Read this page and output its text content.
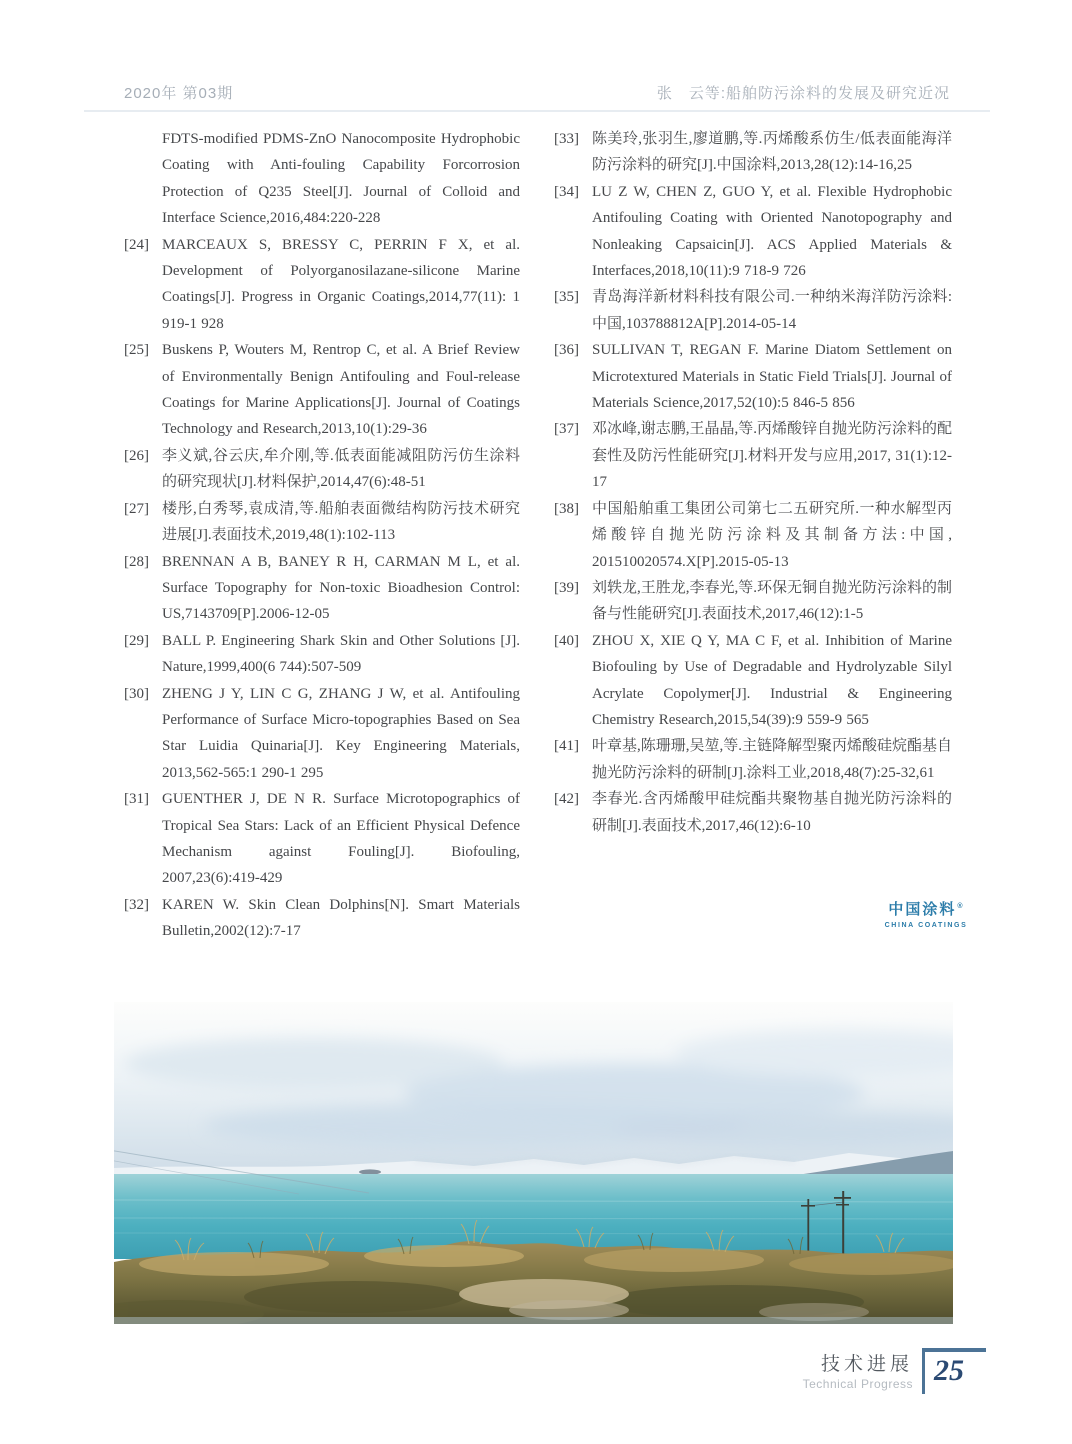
2020年 第03期	张　云等:船舶防污涂料的发展及研究近况
FDTS-modified PDMS-ZnO Nanocomposite Hydrophobic Coating with Anti-fouling Capability Forcorrosion Protection of Q235 Steel[J]. Journal of Colloid and Interface Science,2016,484:220-228
[24] MARCEAUX S, BRESSY C, PERRIN F X, et al. Development of Polyorganosilazane-silicone Marine Coatings[J]. Progress in Organic Coatings,2014,77(11): 1 919-1 928
[25] Buskens P, Wouters M, Rentrop C, et al. A Brief Review of Environmentally Benign Antifouling and Foul-release Coatings for Marine Applications[J]. Journal of Coatings Technology and Research,2013,10(1):29-36
[26] 李义斌,谷云庆,牟介刚,等.低表面能减阻防污仿生涂料的研究现状[J].材料保护,2014,47(6):48-51
[27] 楼彤,白秀琴,袁成清,等.船舶表面微结构防污技术研究进展[J].表面技术,2019,48(1):102-113
[28] BRENNAN A B, BANEY R H, CARMAN M L, et al. Surface Topography for Non-toxic Bioadhesion Control: US,7143709[P].2006-12-05
[29] BALL P. Engineering Shark Skin and Other Solutions [J]. Nature,1999,400(6 744):507-509
[30] ZHENG J Y, LIN C G, ZHANG J W, et al. Antifouling Performance of Surface Micro-topographies Based on Sea Star Luidia Quinaria[J]. Key Engineering Materials, 2013,562-565:1 290-1 295
[31] GUENTHER J, DE N R. Surface Microtopographics of Tropical Sea Stars: Lack of an Efficient Physical Defence Mechanism against Fouling[J]. Biofouling, 2007,23(6):419-429
[32] KAREN W. Skin Clean Dolphins[N]. Smart Materials Bulletin,2002(12):7-17
[33] 陈美玲,张羽生,廖道鹏,等.丙烯酸系仿生/低表面能海洋防污涂料的研究[J].中国涂料,2013,28(12):14-16,25
[34] LU Z W, CHEN Z, GUO Y, et al. Flexible Hydrophobic Antifouling Coating with Oriented Nanotopography and Nonleaking Capsaicin[J]. ACS Applied Materials & Interfaces,2018,10(11):9 718-9 726
[35] 青岛海洋新材料科技有限公司.一种纳米海洋防污涂料:中国,103788812A[P].2014-05-14
[36] SULLIVAN T, REGAN F. Marine Diatom Settlement on Microtextured Materials in Static Field Trials[J]. Journal of Materials Science,2017,52(10):5 846-5 856
[37] 邓冰峰,谢志鹏,王晶晶,等.丙烯酸锌自抛光防污涂料的配套性及防污性能研究[J].材料开发与应用,2017, 31(1):12-17
[38] 中国船舶重工集团公司第七二五研究所.一种水解型丙烯酸锌自抛光防污涂料及其制备方法:中国, 201510020574.X[P].2015-05-13
[39] 刘轶龙,王胜龙,李春光,等.环保无铜自抛光防污涂料的制备与性能研究[J].表面技术,2017,46(12):1-5
[40] ZHOU X, XIE Q Y, MA C F, et al. Inhibition of Marine Biofouling by Use of Degradable and Hydrolyzable Silyl Acrylate Copolymer[J]. Industrial & Engineering Chemistry Research,2015,54(39):9 559-9 565
[41] 叶章基,陈珊珊,吴堃,等.主链降解型聚丙烯酸硅烷酯基自抛光防污涂料的研制[J].涂料工业,2018,48(7):25-32,61
[42] 李春光.含丙烯酸甲硅烷酯共聚物基自抛光防污涂料的研制[J].表面技术,2017,46(12):6-10
中国涂料®
CHINA COATINGS
技术进展
Technical Progress 25
